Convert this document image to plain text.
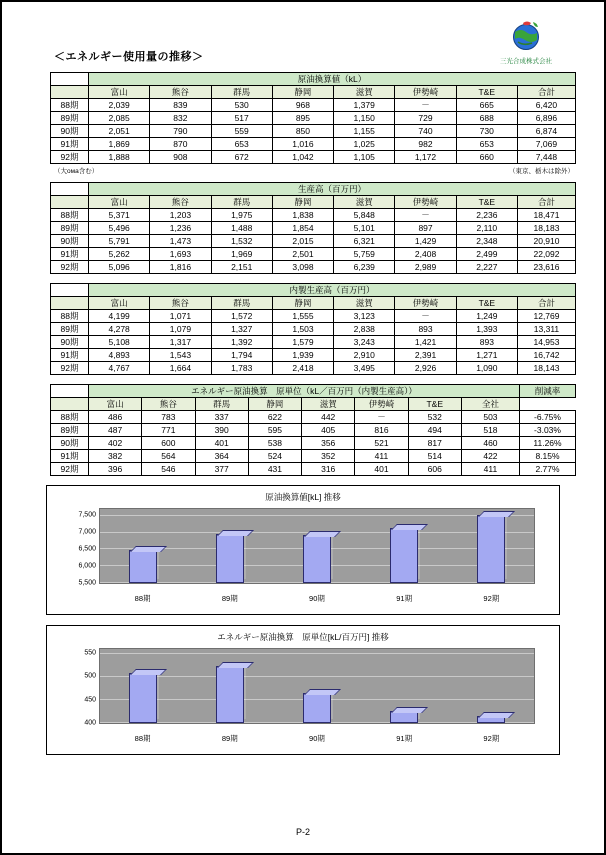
＜エネルギー使用量の推移＞	三光合成株式会社
	原油換算値（kL）							
	富山	熊谷	群馬	静岡	滋賀	伊勢崎	T&E	合計
88期	2,039	839	530	968	1,379	－	665	6,420
89期	2,085	832	517	895	1,150	729	688	6,896
90期	2,051	790	559	850	1,155	740	730	6,874
91期	1,869	870	653	1,016	1,025	982	653	7,069
92期	1,888	908	672	1,042	1,105	1,172	660	7,448
（大ома含む）	（東京、栃木は除外）
	生産高（百万円）							
	富山	熊谷	群馬	静岡	滋賀	伊勢崎	T&E	合計
88期	5,371	1,203	1,975	1,838	5,848	－	2,236	18,471
89期	5,496	1,236	1,488	1,854	5,101	897	2,110	18,183
90期	5,791	1,473	1,532	2,015	6,321	1,429	2,348	20,910
91期	5,262	1,693	1,969	2,501	5,759	2,408	2,499	22,092
92期	5,096	1,816	2,151	3,098	6,239	2,989	2,227	23,616
	内製生産高（百万円）							
	富山	熊谷	群馬	静岡	滋賀	伊勢崎	T&E	合計
88期	4,199	1,071	1,572	1,555	3,123	－	1,249	12,769
89期	4,278	1,079	1,327	1,503	2,838	893	1,393	13,311
90期	5,108	1,317	1,392	1,579	3,243	1,421	893	14,953
91期	4,893	1,543	1,794	1,939	2,910	2,391	1,271	16,742
92期	4,767	1,664	1,783	2,418	3,495	2,926	1,090	18,143
	エネルギー原油換算　原単位（kL／百万円（内製生産高））								削減率
	富山	熊谷	群馬	静岡	滋賀	伊勢崎	T&E	全社	
88期	486	783	337	622	442	－	532	503	-6.75%
89期	487	771	390	595	405	816	494	518	-3.03%
90期	402	600	401	538	356	521	817	460	11.26%
91期	382	564	364	524	352	411	514	422	8.15%
92期	396	546	377	431	316	401	606	411	2.77%
原油換算値[kL] 推移
7,500
7,000
6,500
6,000
5,500
88期	89期	90期	91期	92期
エネルギー原油換算　原単位[kL/百万円] 推移
550
500
450
400
88期	89期	90期	91期	92期
P-2
